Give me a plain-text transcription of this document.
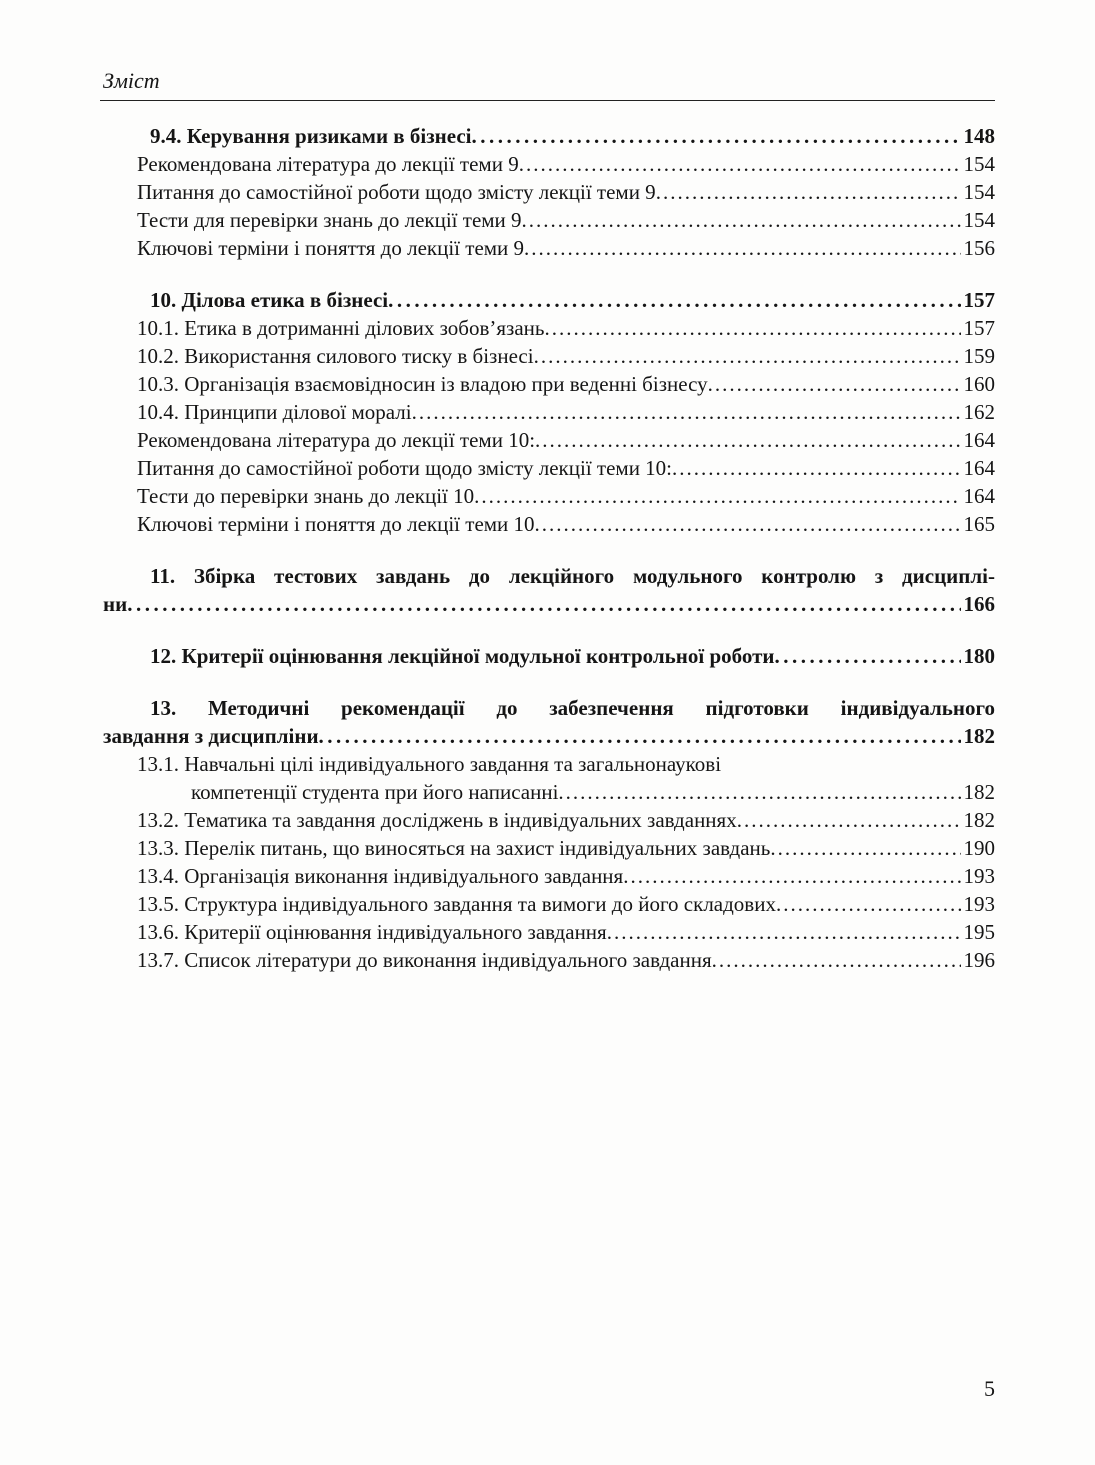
Зміст
9.4. Керування ризиками в бізнесі .....	148
Рекомендована література до лекції теми 9 .....	154
Питання до самостійної роботи щодо змісту лекції теми 9 .....	154
Тести для перевірки знань до лекції теми 9 .....	154
Ключові терміни і поняття до лекції теми 9 .....	156
10. Ділова етика в бізнесі .....	157
10.1. Етика в дотриманні ділових зобов’язань .....	157
10.2. Використання силового тиску в бізнесі .....	159
10.3. Організація взаємовідносин із владою при веденні бізнесу .....	160
10.4. Принципи ділової моралі .....	162
Рекомендована література до лекції теми 10: .....	164
Питання до самостійної роботи щодо змісту лекції теми 10: .....	164
Тести до перевірки знань до лекції 10 .....	164
Ключові терміни і поняття до лекції теми 10 .....	165
11. Збірка тестових завдань до лекційного модульного контролю з дисциплі-
ни .....	166
12. Критерії оцінювання лекційної модульної контрольної роботи .....	180
13. Методичні рекомендації до забезпечення підготовки індивідуального
завдання з дисципліни .....	182
13.1. Навчальні цілі індивідуального завдання та загальнонаукові
компетенції студента при його написанні .....	182
13.2. Тематика та завдання досліджень в індивідуальних завданнях .....	182
13.3. Перелік питань, що виносяться на захист індивідуальних завдань .....	190
13.4. Організація виконання індивідуального завдання .....	193
13.5. Структура індивідуального завдання та вимоги до його складових .....	193
13.6. Критерії оцінювання індивідуального завдання .....	195
13.7. Список літератури до виконання індивідуального завдання .....	196
5
